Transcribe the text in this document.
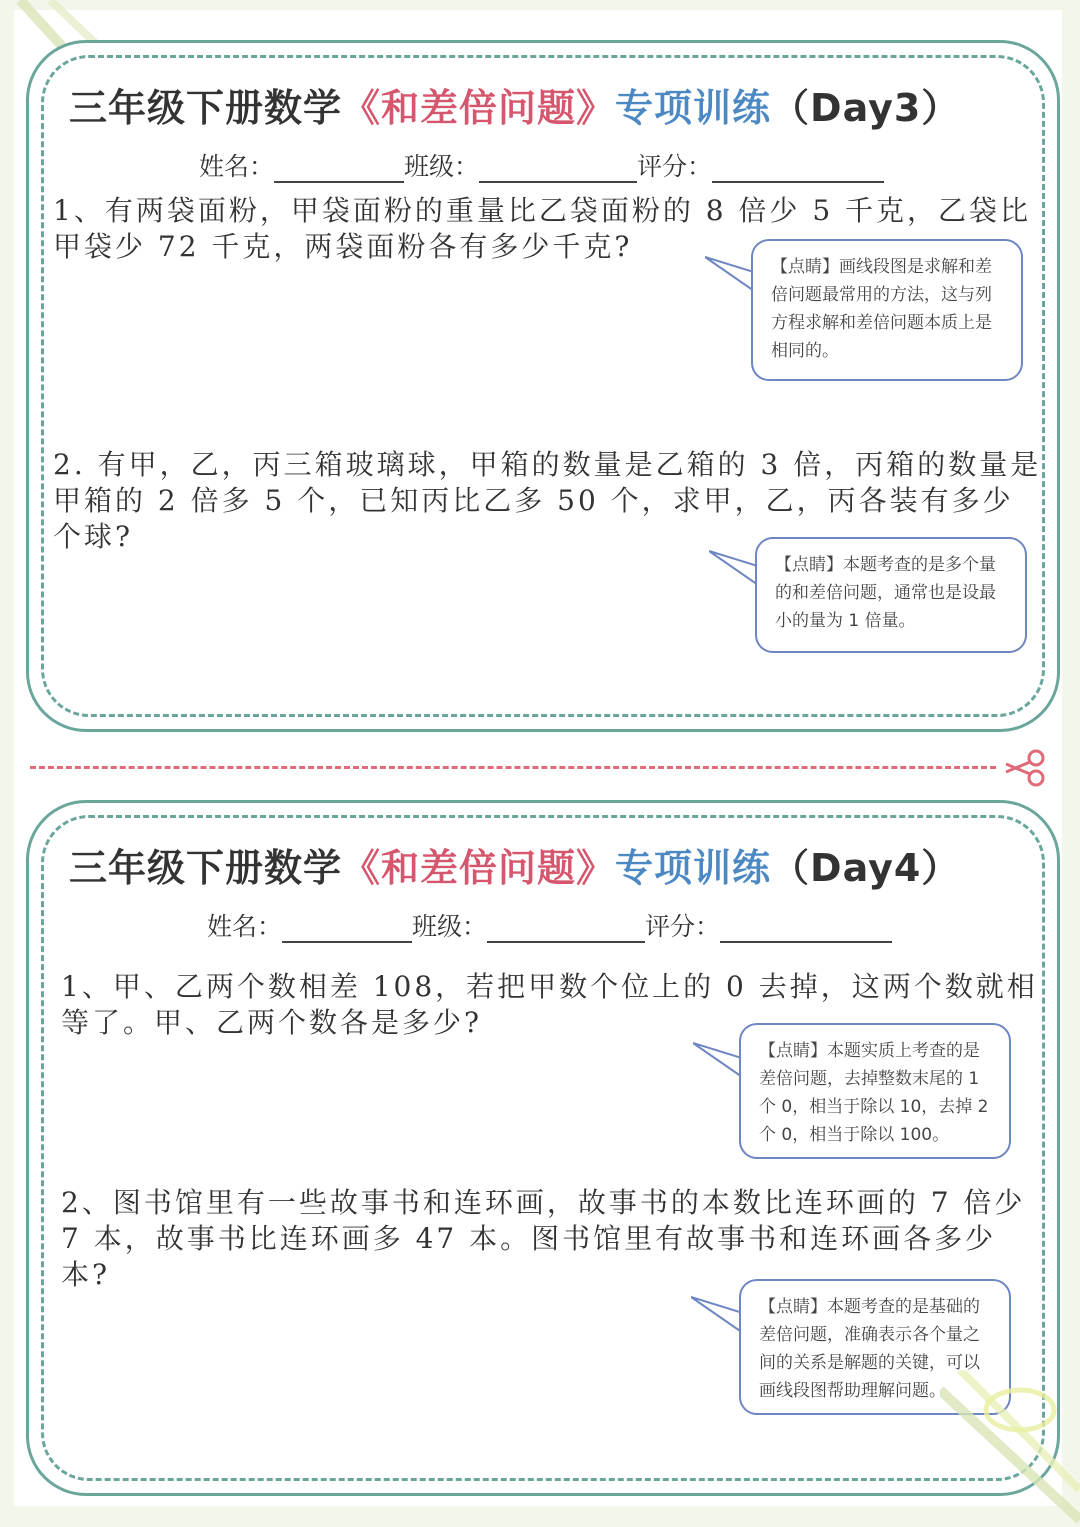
三年级下册数学《和差倍问题》专项训练（Day3）
姓名：	班级：	评分：
1、有两袋面粉，甲袋面粉的重量比乙袋面粉的 8 倍少 5 千克，乙袋比甲袋少 72 千克，两袋面粉各有多少千克?
【点睛】画线段图是求解和差倍问题最常用的方法，这与列方程求解和差倍问题本质上是相同的。
2. 有甲，乙，丙三箱玻璃球，甲箱的数量是乙箱的 3 倍，丙箱的数量是甲箱的 2 倍多 5 个，已知丙比乙多 50 个，求甲，乙，丙各装有多少个球?
【点睛】本题考查的是多个量的和差倍问题，通常也是设最小的量为 1 倍量。
三年级下册数学《和差倍问题》专项训练（Day4）
姓名：	班级：	评分：
1、甲、乙两个数相差 108，若把甲数个位上的 0 去掉，这两个数就相等了。甲、乙两个数各是多少?
【点睛】本题实质上考查的是差倍问题，去掉整数末尾的 1 个 0，相当于除以 10，去掉 2 个 0，相当于除以 100。
2、图书馆里有一些故事书和连环画，故事书的本数比连环画的 7 倍少 7 本，故事书比连环画多 47 本。图书馆里有故事书和连环画各多少本?
【点睛】本题考查的是基础的差倍问题，准确表示各个量之间的关系是解题的关键，可以画线段图帮助理解问题。
